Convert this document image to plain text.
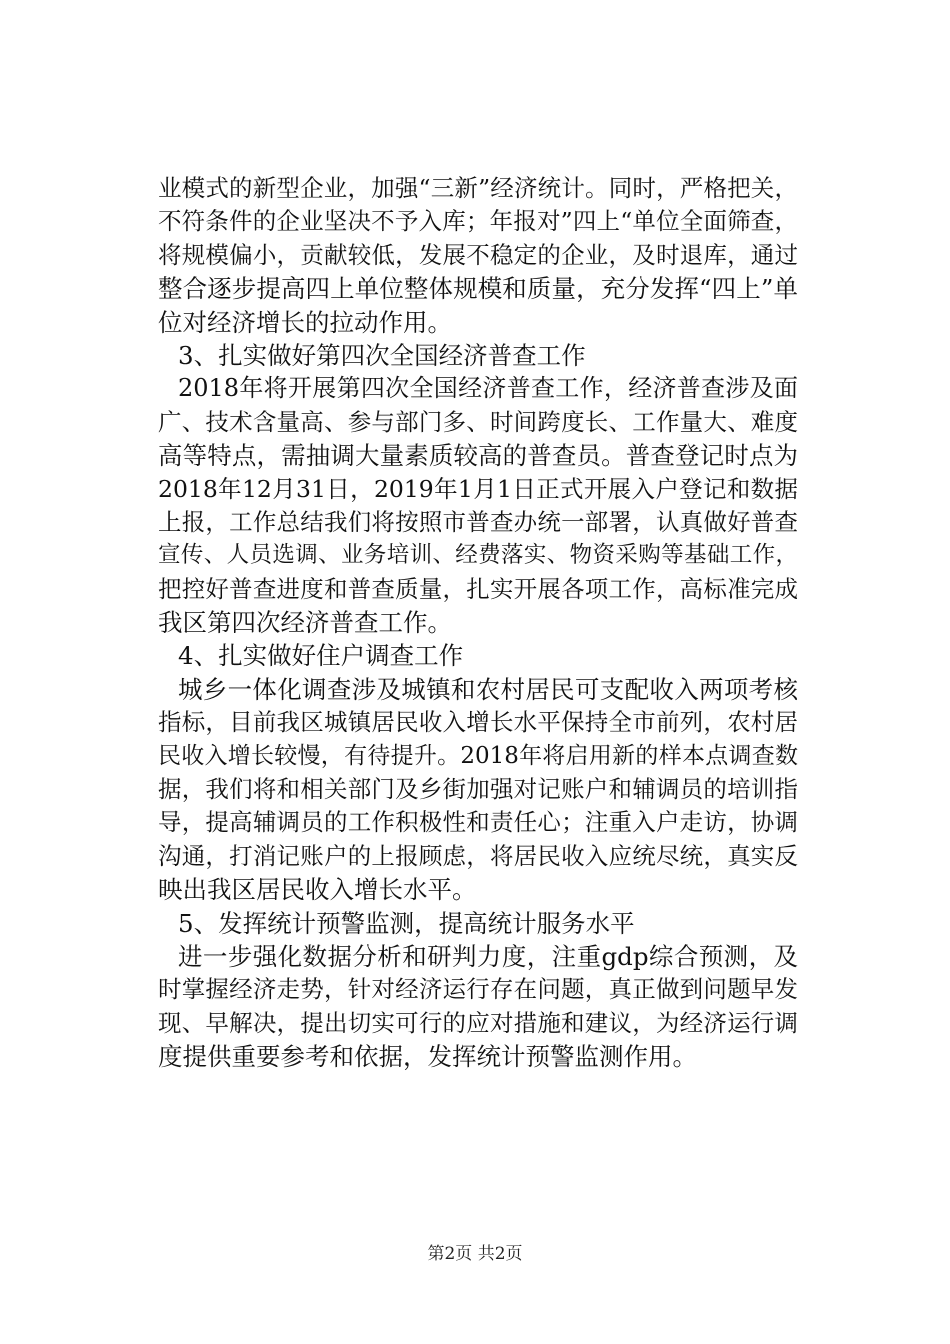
业模式的新型企业，加强“三新”经济统计。同时，严格把关，
不符条件的企业坚决不予入库；年报对”四上“单位全面筛查，
将规模偏小，贡献较低，发展不稳定的企业，及时退库，通过
整合逐步提高四上单位整体规模和质量，充分发挥“四上”单
位对经济增长的拉动作用。
3、扎实做好第四次全国经济普查工作
2018年将开展第四次全国经济普查工作，经济普查涉及面
广、技术含量高、参与部门多、时间跨度长、工作量大、难度
高等特点，需抽调大量素质较高的普查员。普查登记时点为
2018年12月31日，2019年1月1日正式开展入户登记和数据
上报，工作总结我们将按照市普查办统一部署，认真做好普查
宣传、人员选调、业务培训、经费落实、物资采购等基础工作，
把控好普查进度和普查质量，扎实开展各项工作，高标准完成
我区第四次经济普查工作。
4、扎实做好住户调查工作
城乡一体化调查涉及城镇和农村居民可支配收入两项考核
指标，目前我区城镇居民收入增长水平保持全市前列，农村居
民收入增长较慢，有待提升。2018年将启用新的样本点调查数
据，我们将和相关部门及乡街加强对记账户和辅调员的培训指
导，提高辅调员的工作积极性和责任心；注重入户走访，协调
沟通，打消记账户的上报顾虑，将居民收入应统尽统，真实反
映出我区居民收入增长水平。
5、发挥统计预警监测，提高统计服务水平
进一步强化数据分析和研判力度，注重gdp综合预测，及
时掌握经济走势，针对经济运行存在问题，真正做到问题早发
现、早解决，提出切实可行的应对措施和建议，为经济运行调
度提供重要参考和依据，发挥统计预警监测作用。
第2页 共2页
